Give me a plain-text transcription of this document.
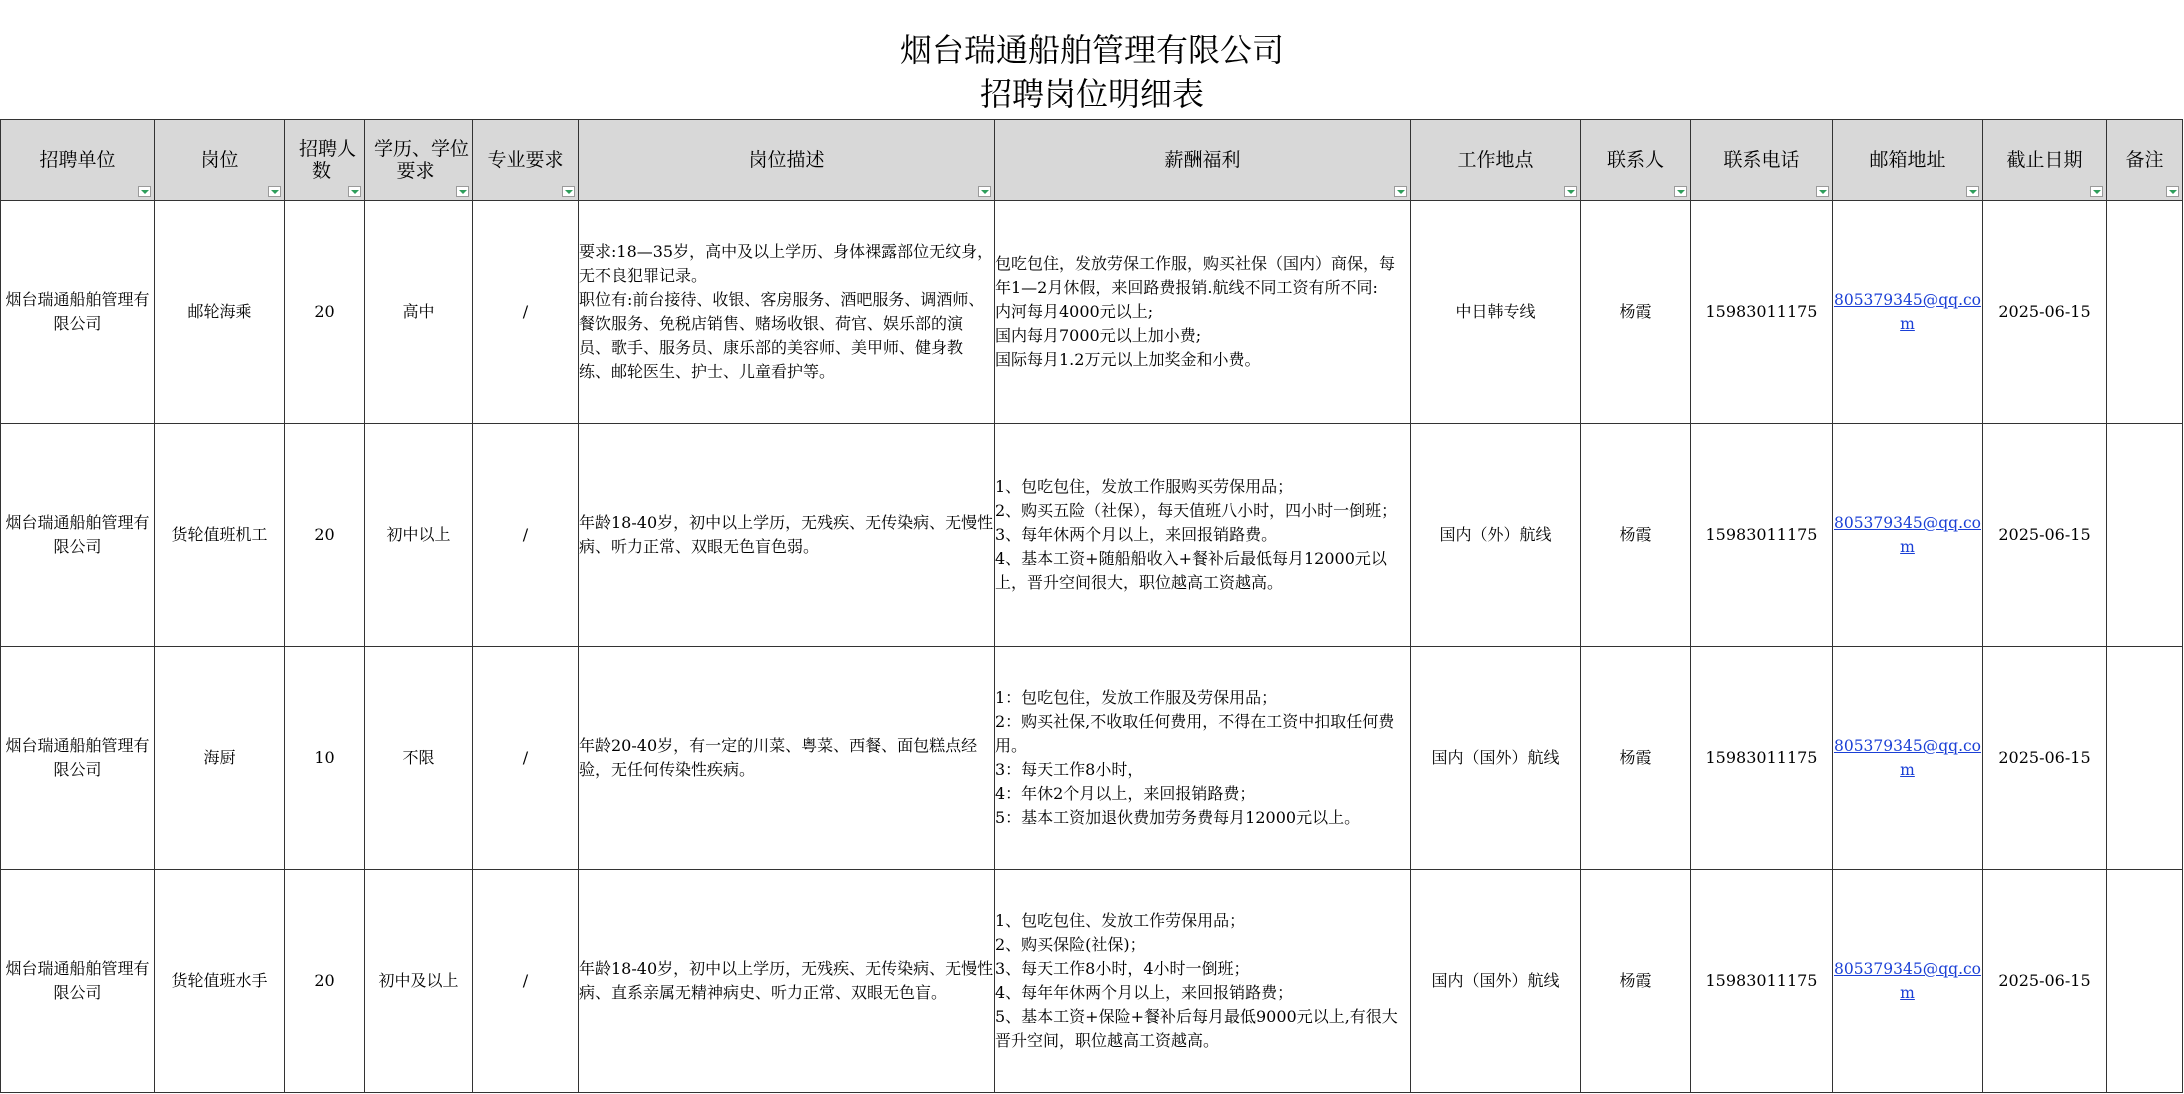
烟台瑞通船舶管理有限公司
招聘岗位明细表
招聘单位	岗位	招聘人数	学历、学位要求	专业要求	岗位描述	薪酬福利	工作地点	联系人	联系电话	邮箱地址	截止日期	备注

烟台瑞通船舶管理有限公司	邮轮海乘	20	高中	/	要求:18—35岁，高中及以上学历、身体裸露部位无纹身，无不良犯罪记录。
职位有:前台接待、收银、客房服务、酒吧服务、调酒师、餐饮服务、免税店销售、赌场收银、荷官、娱乐部的演员、歌手、服务员、康乐部的美容师、美甲师、健身教练、邮轮医生、护士、儿童看护等。	包吃包住，发放劳保工作服，购买社保（国内）商保，每年1—2月休假，来回路费报销.航线不同工资有所不同:
内河每月4000元以上;
国内每月7000元以上加小费;
国际每月1.2万元以上加奖金和小费。	中日韩专线	杨霞	15983011175	805379345@qq.com	2025-06-15	
烟台瑞通船舶管理有限公司	货轮值班机工	20	初中以上	/	年龄18-40岁，初中以上学历，无残疾、无传染病、无慢性病、听力正常、双眼无色盲色弱。	1、包吃包住，发放工作服购买劳保用品；
2、购买五险（社保），每天值班八小时，四小时一倒班；
3、每年休两个月以上，来回报销路费。
4、基本工资+随船船收入+餐补后最低每月12000元以上，晋升空间很大，职位越高工资越高。	国内（外）航线	杨霞	15983011175	805379345@qq.com	2025-06-15	
烟台瑞通船舶管理有限公司	海厨	10	不限	/	年龄20-40岁，有一定的川菜、粤菜、西餐、面包糕点经验，无任何传染性疾病。	1：包吃包住，发放工作服及劳保用品；
2：购买社保,不收取任何费用，不得在工资中扣取任何费用。
3：每天工作8小时，
4：年休2个月以上，来回报销路费；
5：基本工资加退伙费加劳务费每月12000元以上。	国内（国外）航线	杨霞	15983011175	805379345@qq.com	2025-06-15	
烟台瑞通船舶管理有限公司	货轮值班水手	20	初中及以上	/	年龄18-40岁，初中以上学历，无残疾、无传染病、无慢性病、直系亲属无精神病史、听力正常、双眼无色盲。	1、包吃包住、发放工作劳保用品；
2、购买保险(社保)；
3、每天工作8小时，4小时一倒班；
4、每年年休两个月以上，来回报销路费；
5、基本工资+保险+餐补后每月最低9000元以上,有很大晋升空间，职位越高工资越高。	国内（国外）航线	杨霞	15983011175	805379345@qq.com	2025-06-15	
